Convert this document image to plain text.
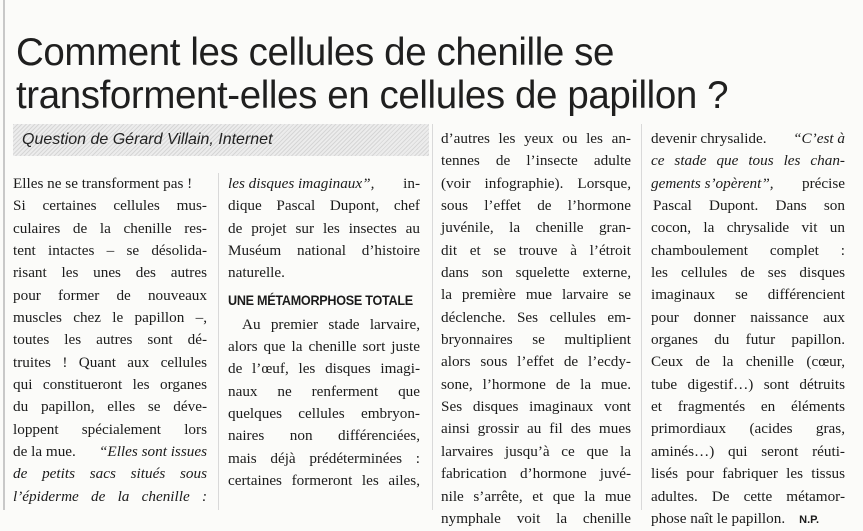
Comment les cellules de chenille se
transforment-elles en cellules de papillon ?
Question de Gérard Villain, Internet
Elles ne se transforment pas !
Si certaines cellules mus-
culaires de la chenille res-
tent intactes – se désolida-
risant les unes des autres
pour former de nouveaux
muscles chez le papillon –,
toutes les autres sont dé-
truites ! Quant aux cellules
qui constitueront les organes
du papillon, elles se déve-
loppent spécialement lors
de la mue. “Elles sont issues
de petits sacs situés sous
l’épiderme de la chenille :
les disques imaginaux”, in-
dique Pascal Dupont, chef
de projet sur les insectes au
Muséum national d’histoire
naturelle.
UNE MÉTAMORPHOSE TOTALE
Au premier stade larvaire,
alors que la chenille sort juste
de l’œuf, les disques imagi-
naux ne renferment que
quelques cellules embryon-
naires non différenciées,
mais déjà prédéterminées :
certaines formeront les ailes,
d’autres les yeux ou les an-
tennes de l’insecte adulte
(voir infographie). Lorsque,
sous l’effet de l’hormone
juvénile, la chenille gran-
dit et se trouve à l’étroit
dans son squelette externe,
la première mue larvaire se
déclenche. Ses cellules em-
bryonnaires se multiplient
alors sous l’effet de l’ecdy-
sone, l’hormone de la mue.
Ses disques imaginaux vont
ainsi grossir au fil des mues
larvaires jusqu’à ce que la
fabrication d’hormone juvé-
nile s’arrête, et que la mue
nymphale voit la chenille
devenir chrysalide. “C’est à
ce stade que tous les chan-
gements s’opèrent”, précise
Pascal Dupont. Dans son
cocon, la chrysalide vit un
chamboulement complet :
les cellules de ses disques
imaginaux se différencient
pour donner naissance aux
organes du futur papillon.
Ceux de la chenille (cœur,
tube digestif…) sont détruits
et fragmentés en éléments
primordiaux (acides gras,
aminés…) qui seront réuti-
lisés pour fabriquer les tissus
adultes. De cette métamor-
phose naît le papillon. N.P.
